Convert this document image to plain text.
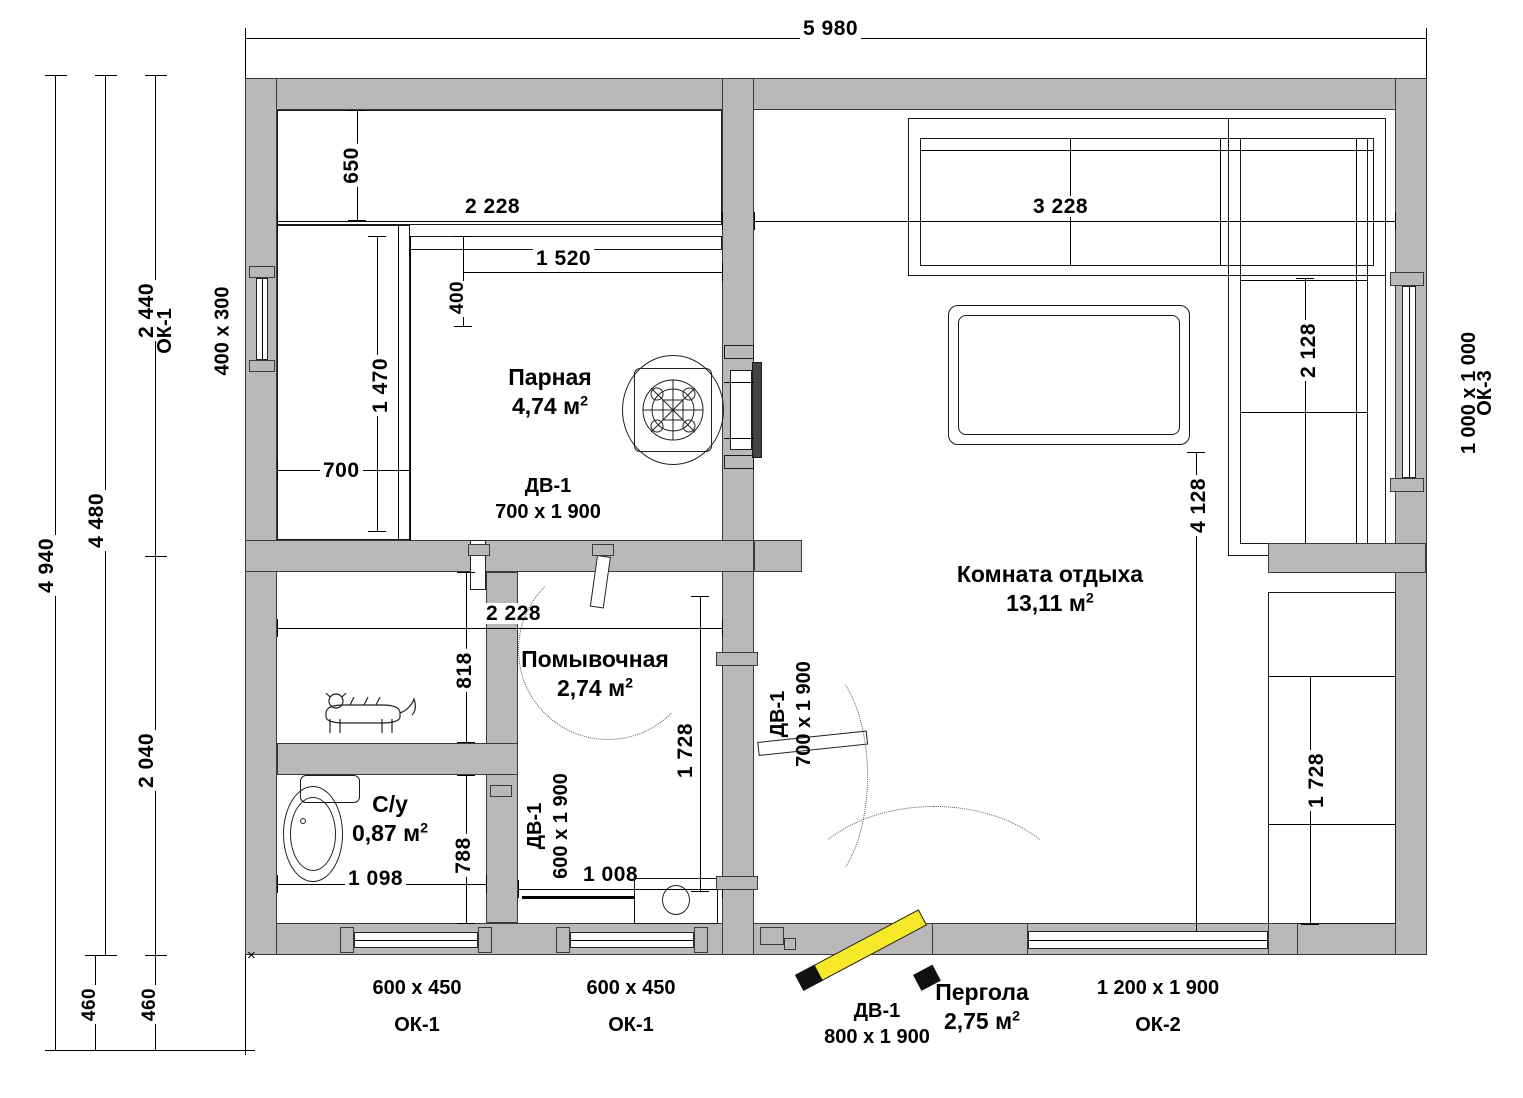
5 980
4 940
4 480
2 440
2 040
460 460
Парная
4,74 $м^2$
650
2 228
400
1 520
1 470
700
400 х 300
ОК-1
ДВ-1
700 х 1 900
Помывочная
2,74 $м^2$
2 228
818
1 728
1 008
ДВ-1 600 х 1 900
С/у
0,87 $м^2$
788
1 098
Комната отдыха
13,11 $м^2$
3 228
2 128
4 128
1 728
ДВ-1 700 х 1 900
1 000 х 1 000
ОК-3
600 х 450
ОК-1
600 х 450
ОК-1
1 200 х 1 900
ОК-2
ДВ-1
800 х 1 900
Пергола
2,75 $м^2$
×
